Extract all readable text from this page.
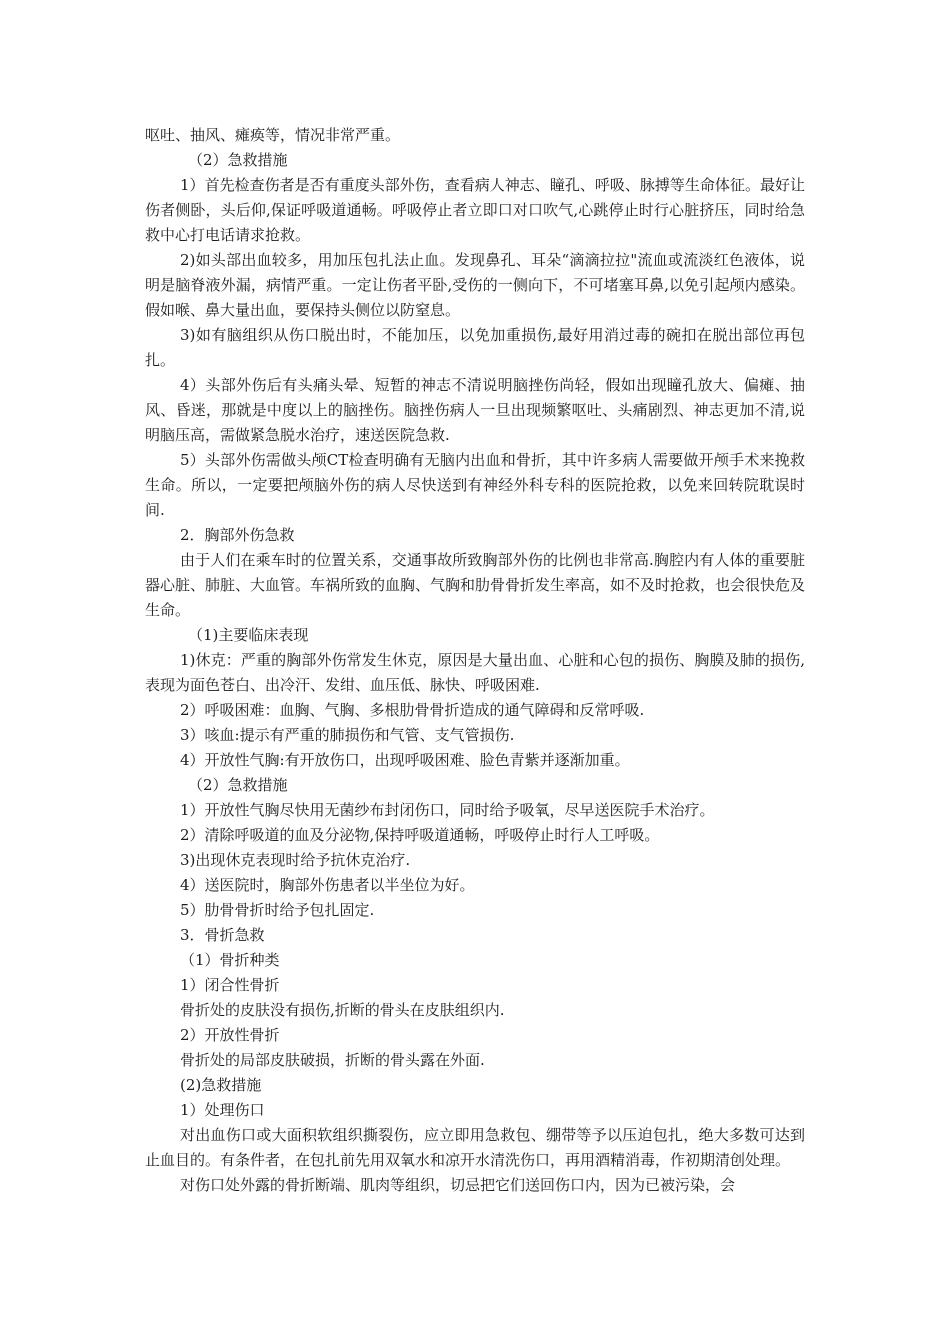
呕吐、抽风、瘫痪等，情况非常严重。

（2）急救措施

1）首先检查伤者是否有重度头部外伤，查看病人神志、瞳孔、呼吸、脉搏等生命体征。最好让伤者侧卧，头后仰,保证呼吸道通畅。呼吸停止者立即口对口吹气,心跳停止时行心脏挤压，同时给急救中心打电话请求抢救。

2)如头部出血较多，用加压包扎法止血。发现鼻孔、耳朵“滴滴拉拉"流血或流淡红色液体，说明是脑脊液外漏，病情严重。一定让伤者平卧,受伤的一侧向下，不可堵塞耳鼻,以免引起颅内感染。假如喉、鼻大量出血，要保持头侧位以防窒息。

3)如有脑组织从伤口脱出时，不能加压，以免加重损伤,最好用消过毒的碗扣在脱出部位再包扎。

4）头部外伤后有头痛头晕、短暂的神志不清说明脑挫伤尚轻，假如出现瞳孔放大、偏瘫、抽风、昏迷，那就是中度以上的脑挫伤。脑挫伤病人一旦出现频繁呕吐、头痛剧烈、神志更加不清,说明脑压高，需做紧急脱水治疗，速送医院急救.

5）头部外伤需做头颅CT检查明确有无脑内出血和骨折，其中许多病人需要做开颅手术来挽救生命。所以，一定要把颅脑外伤的病人尽快送到有神经外科专科的医院抢救，以免来回转院耽误时间.

2．胸部外伤急救

由于人们在乘车时的位置关系，交通事故所致胸部外伤的比例也非常高.胸腔内有人体的重要脏器心脏、肺脏、大血管。车祸所致的血胸、气胸和肋骨骨折发生率高，如不及时抢救，也会很快危及生命。

（1)主要临床表现

1)休克：严重的胸部外伤常发生休克，原因是大量出血、心脏和心包的损伤、胸膜及肺的损伤,表现为面色苍白、出冷汗、发绀、血压低、脉快、呼吸困难.

2）呼吸困难：血胸、气胸、多根肋骨骨折造成的通气障碍和反常呼吸.

3）咳血:提示有严重的肺损伤和气管、支气管损伤.

4）开放性气胸:有开放伤口，出现呼吸困难、脸色青紫并逐渐加重。

（2）急救措施

1）开放性气胸尽快用无菌纱布封闭伤口，同时给予吸氧，尽早送医院手术治疗。

2）清除呼吸道的血及分泌物,保持呼吸道通畅，呼吸停止时行人工呼吸。

3)出现休克表现时给予抗休克治疗.

4）送医院时，胸部外伤患者以半坐位为好。

5）肋骨骨折时给予包扎固定.

3．骨折急救

（1）骨折种类

1）闭合性骨折

骨折处的皮肤没有损伤,折断的骨头在皮肤组织内.

2）开放性骨折

骨折处的局部皮肤破损，折断的骨头露在外面.

(2)急救措施

1）处理伤口

对出血伤口或大面积软组织撕裂伤，应立即用急救包、绷带等予以压迫包扎，绝大多数可达到止血目的。有条件者，在包扎前先用双氧水和凉开水清洗伤口，再用酒精消毒，作初期清创处理。

对伤口处外露的骨折断端、肌肉等组织，切忌把它们送回伤口内，因为已被污染，会
